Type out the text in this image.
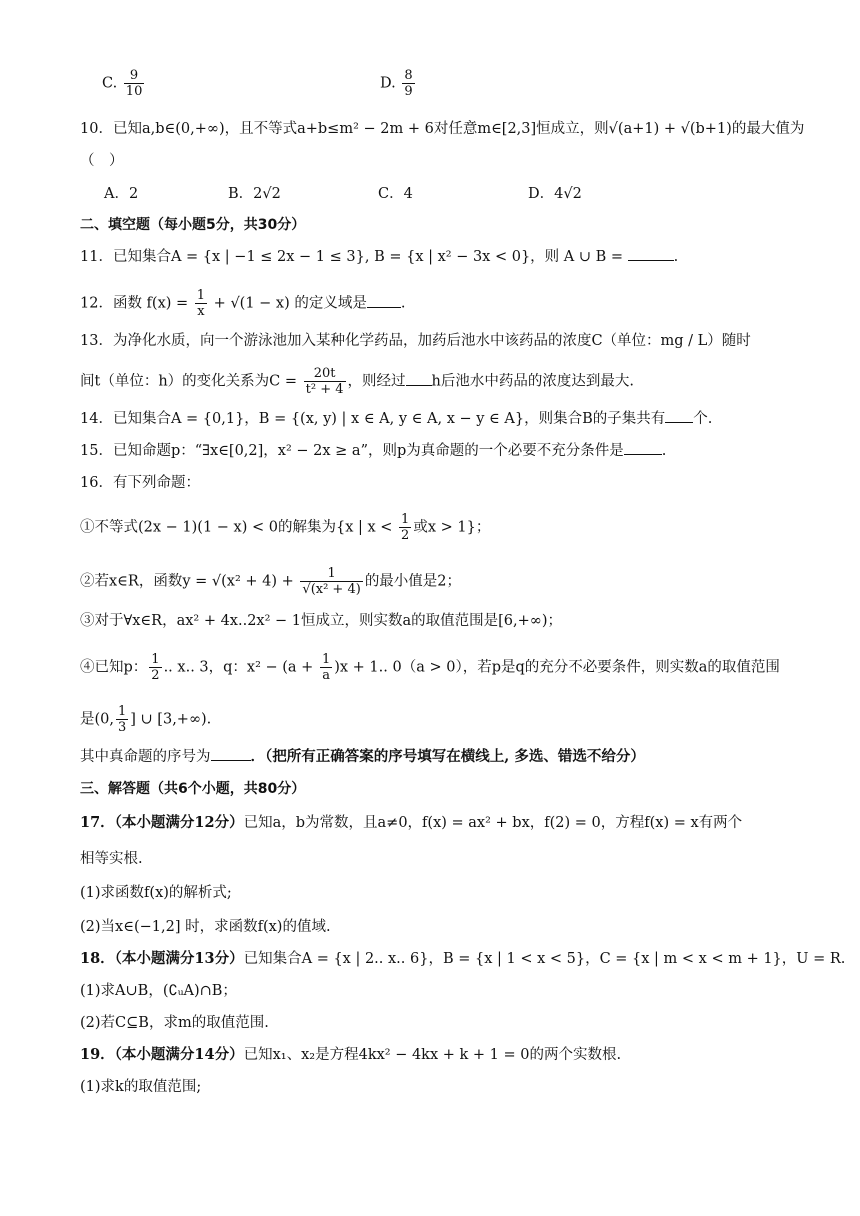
C. $\frac{9}{10}$	D. $\frac{8}{9}$
10．已知a,b∈(0,+∞)，且不等式a+b≤m² − 2m + 6对任意m∈[2,3]恒成立，则√(a+1) + √(b+1)的最大值为
（　）
A．2	B．2√2	C．4	D．4√2
二、填空题（每小题5分，共30分）
11．已知集合A = {x | −1 ≤ 2x − 1 ≤ 3}, B = {x | x² − 3x < 0}，则 A ∪ B =	.
12．函数 $f(x) = \frac{1}{x} + √(1 - x)$ 的定义域是 .
13．为净化水质，向一个游泳池加入某种化学药品，加药后池水中该药品的浓度C（单位：mg / L）随时
间t（单位：h）的变化关系为$C = \frac{20t}{\text{t² + 4}}$ ，则经过 h后池水中药品的浓度达到最大.
14．已知集合A = {0,1}，B = {(x, y) | x ∈ A, y ∈ A, x − y ∈ A}，则集合B的子集共有 个.
15．已知命题p：“∃x∈[0,2]，x² − 2x ≥ a”，则p为真命题的一个必要不充分条件是	.
16．有下列命题：
①不等式(2x − 1)(1 − x) < 0的解集为{x | $x < \frac{1}{2}$ 或x > 1}；
②若x∈R，函数$y = √(x^2 + 4) + \frac{1}{\text{√(x² + 4)}}$ 的最小值是2；
③对于∀x∈R，ax² + 4x..2x² − 1恒成立，则实数a的取值范围是[6,+∞)；
④已知p： $\frac{1}{2}$ .. x.. 3，q：$x^2 - (a + \frac{1}{a} )x + 1$.. 0（a > 0），若p是q的充分不必要条件，则实数a的取值范围
是(0, $\frac{1}{3}$ ] ∪ [3,+∞).
其中真命题的序号为	．（把所有正确答案的序号填写在横线上, 多选、错选不给分）
三、解答题（共6个小题，共80分）
17．（本小题满分12分）已知a，b为常数，且a≠0，f(x) = ax² + bx，f(2) = 0，方程f(x) = x有两个
相等实根.
(1)求函数f(x)的解析式;
(2)当x∈(−1,2] 时，求函数f(x)的值域.
18．（本小题满分13分）已知集合A = {x | 2.. x.. 6}，B = {x | 1 < x < 5}，C = {x | m < x < m + 1}，U = R.
(1)求A∪B，(∁ᵤA)∩B；
(2)若C⊆B，求m的取值范围.
19．（本小题满分14分）已知x₁、x₂是方程4kx² − 4kx + k + 1 = 0的两个实数根.
(1)求k的取值范围;
